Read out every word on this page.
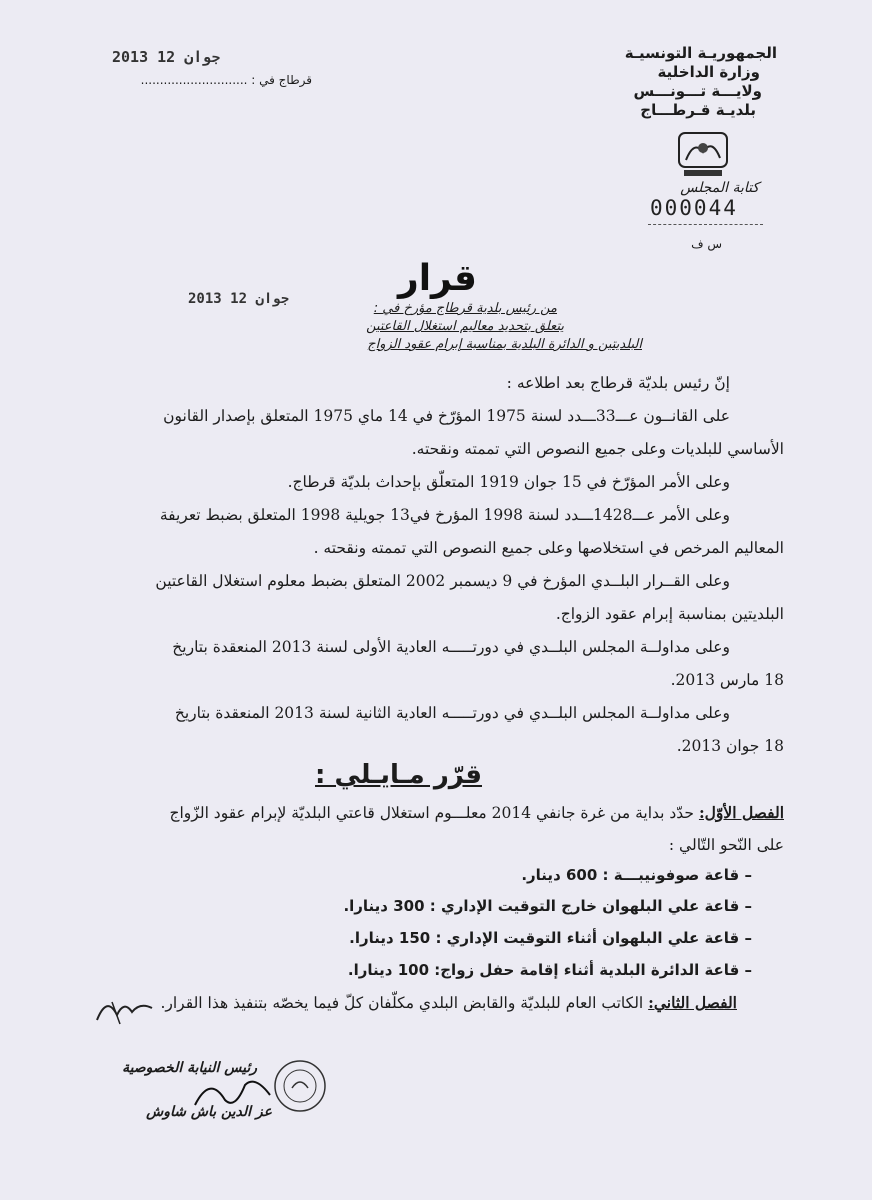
الجمهوريـة التونسيـة
وزارة الداخلية
ولايـــة تـــونـــس
بلديـة قـرطـــاج
كتابة المجلس
000044
س ف
2013 جوان 12
قرطاج في : ............................
قرار
من رئيس بلدية قرطاج مؤرخ في :
2013 جوان 12
يتعلق بتحديد معاليم استغلال القاعتين
البلديتين و الدائرة البلدية بمناسبة إبرام عقود الزواج
إنّ رئيس بلديّة قرطاج بعد اطلاعه :
على القانــون عـــ33ـــدد لسنة 1975 المؤرّخ في 14 ماي 1975 المتعلق بإصدار القانون
الأساسي للبلديات وعلى جميع النصوص التي تممته ونقحته.
وعلى الأمر المؤرّخ في 15 جوان 1919 المتعلّق بإحداث بلديّة قرطاج.
وعلى الأمر عـــ1428ـــدد لسنة 1998 المؤرخ في13 جويلية 1998 المتعلق بضبط تعريفة
المعاليم المرخص في استخلاصها وعلى جميع النصوص التي تممته ونقحته .
وعلى القــرار البلــدي المؤرخ في 9 ديسمبر 2002 المتعلق بضبط معلوم استغلال القاعتين
البلديتين بمناسبة إبرام عقود الزواج.
وعلى مداولــة المجلس البلــدي في دورتـــــه العادية الأولى لسنة 2013 المنعقدة بتاريخ
18 مارس 2013.
وعلى مداولــة المجلس البلــدي في دورتـــــه العادية الثانية لسنة 2013 المنعقدة بتاريخ
18 جوان 2013.
قرّر مـايـلي :
الفصل الأوّل: حدّد بداية من غرة جانفي 2014 معلـــوم استغلال قاعتي البلديّة لإبرام عقود الزّواج
على النّحو التّالي :
– قاعة صوفونيبـــة : 600 دينار.
– قاعة علي البلهوان خارج التوقيت الإداري : 300 دينارا.
– قاعة علي البلهوان أثناء التوقيت الإداري : 150 دينارا.
– قاعة الدائرة البلدية أثناء إقامة حفل زواج: 100 دينارا.
الفصل الثاني: الكاتب العام للبلديّة والقابض البلدي مكلّفان كلّ فيما يخصّه بتنفيذ هذا القرار.
رئيس النيابة الخصوصية
عز الدين باش شاوش
